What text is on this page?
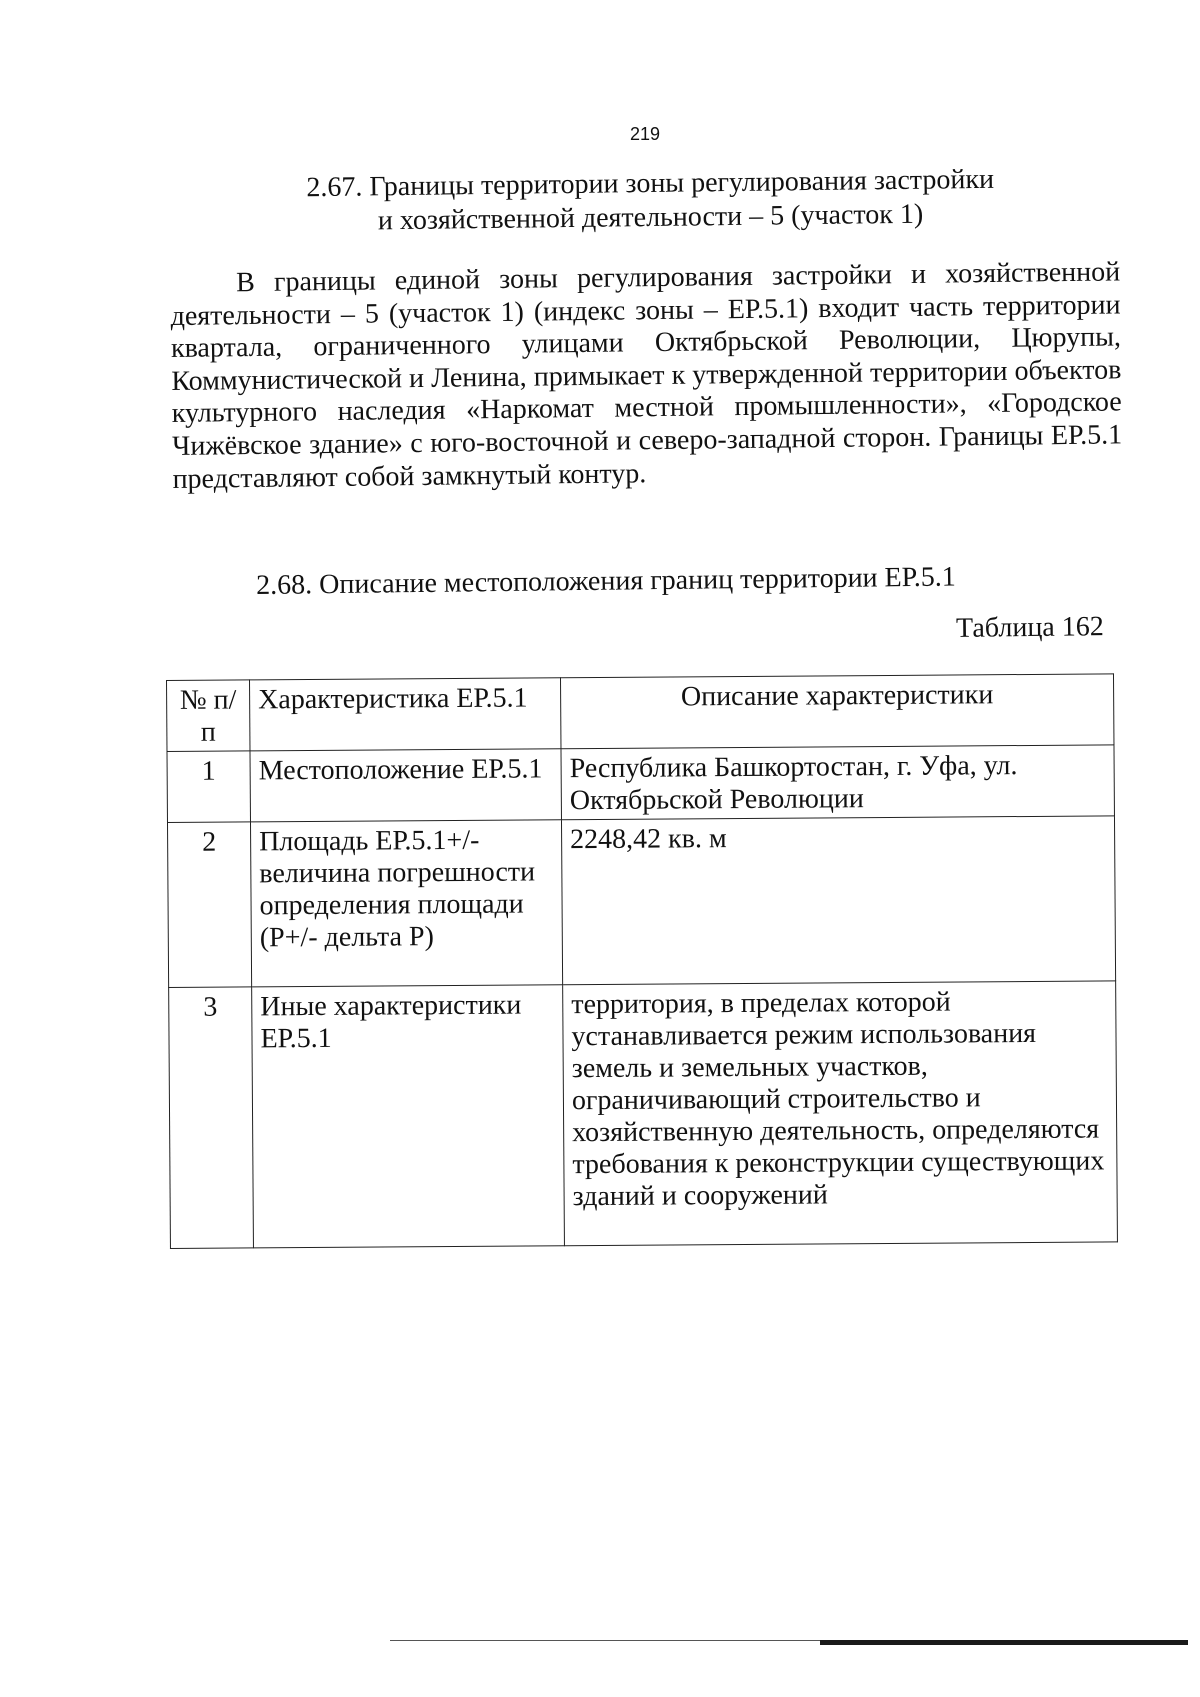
219
2.67. Границы территории зоны регулирования застройки
и хозяйственной деятельности – 5 (участок 1)
В границы единой зоны регулирования застройки и хозяйственной деятельности – 5 (участок 1) (индекс зоны – ЕР.5.1) входит часть территории квартала, ограниченного улицами Октябрьской Революции, Цюрупы, Коммунистической и Ленина, примыкает к утвержденной территории объектов культурного наследия «Наркомат местной промышленности», «Городское Чижёвское здание» с юго-восточной и северо-западной сторон. Границы ЕР.5.1 представляют собой замкнутый контур.
2.68. Описание местоположения границ территории ЕР.5.1
Таблица 162
№ п/п	Характеристика ЕР.5.1	Описание характеристики
1	Местоположение ЕР.5.1	Республика Башкортостан, г. Уфа, ул. Октябрьской Революции
2	Площадь ЕР.5.1+/- величина погрешности определения площади (Р+/- дельта Р)	2248,42 кв. м
3	Иные характеристики ЕР.5.1	территория, в пределах которой устанавливается режим использования земель и земельных участков, ограничивающий строительство и хозяйственную деятельность, определяются требования к реконструкции существующих зданий и сооружений
